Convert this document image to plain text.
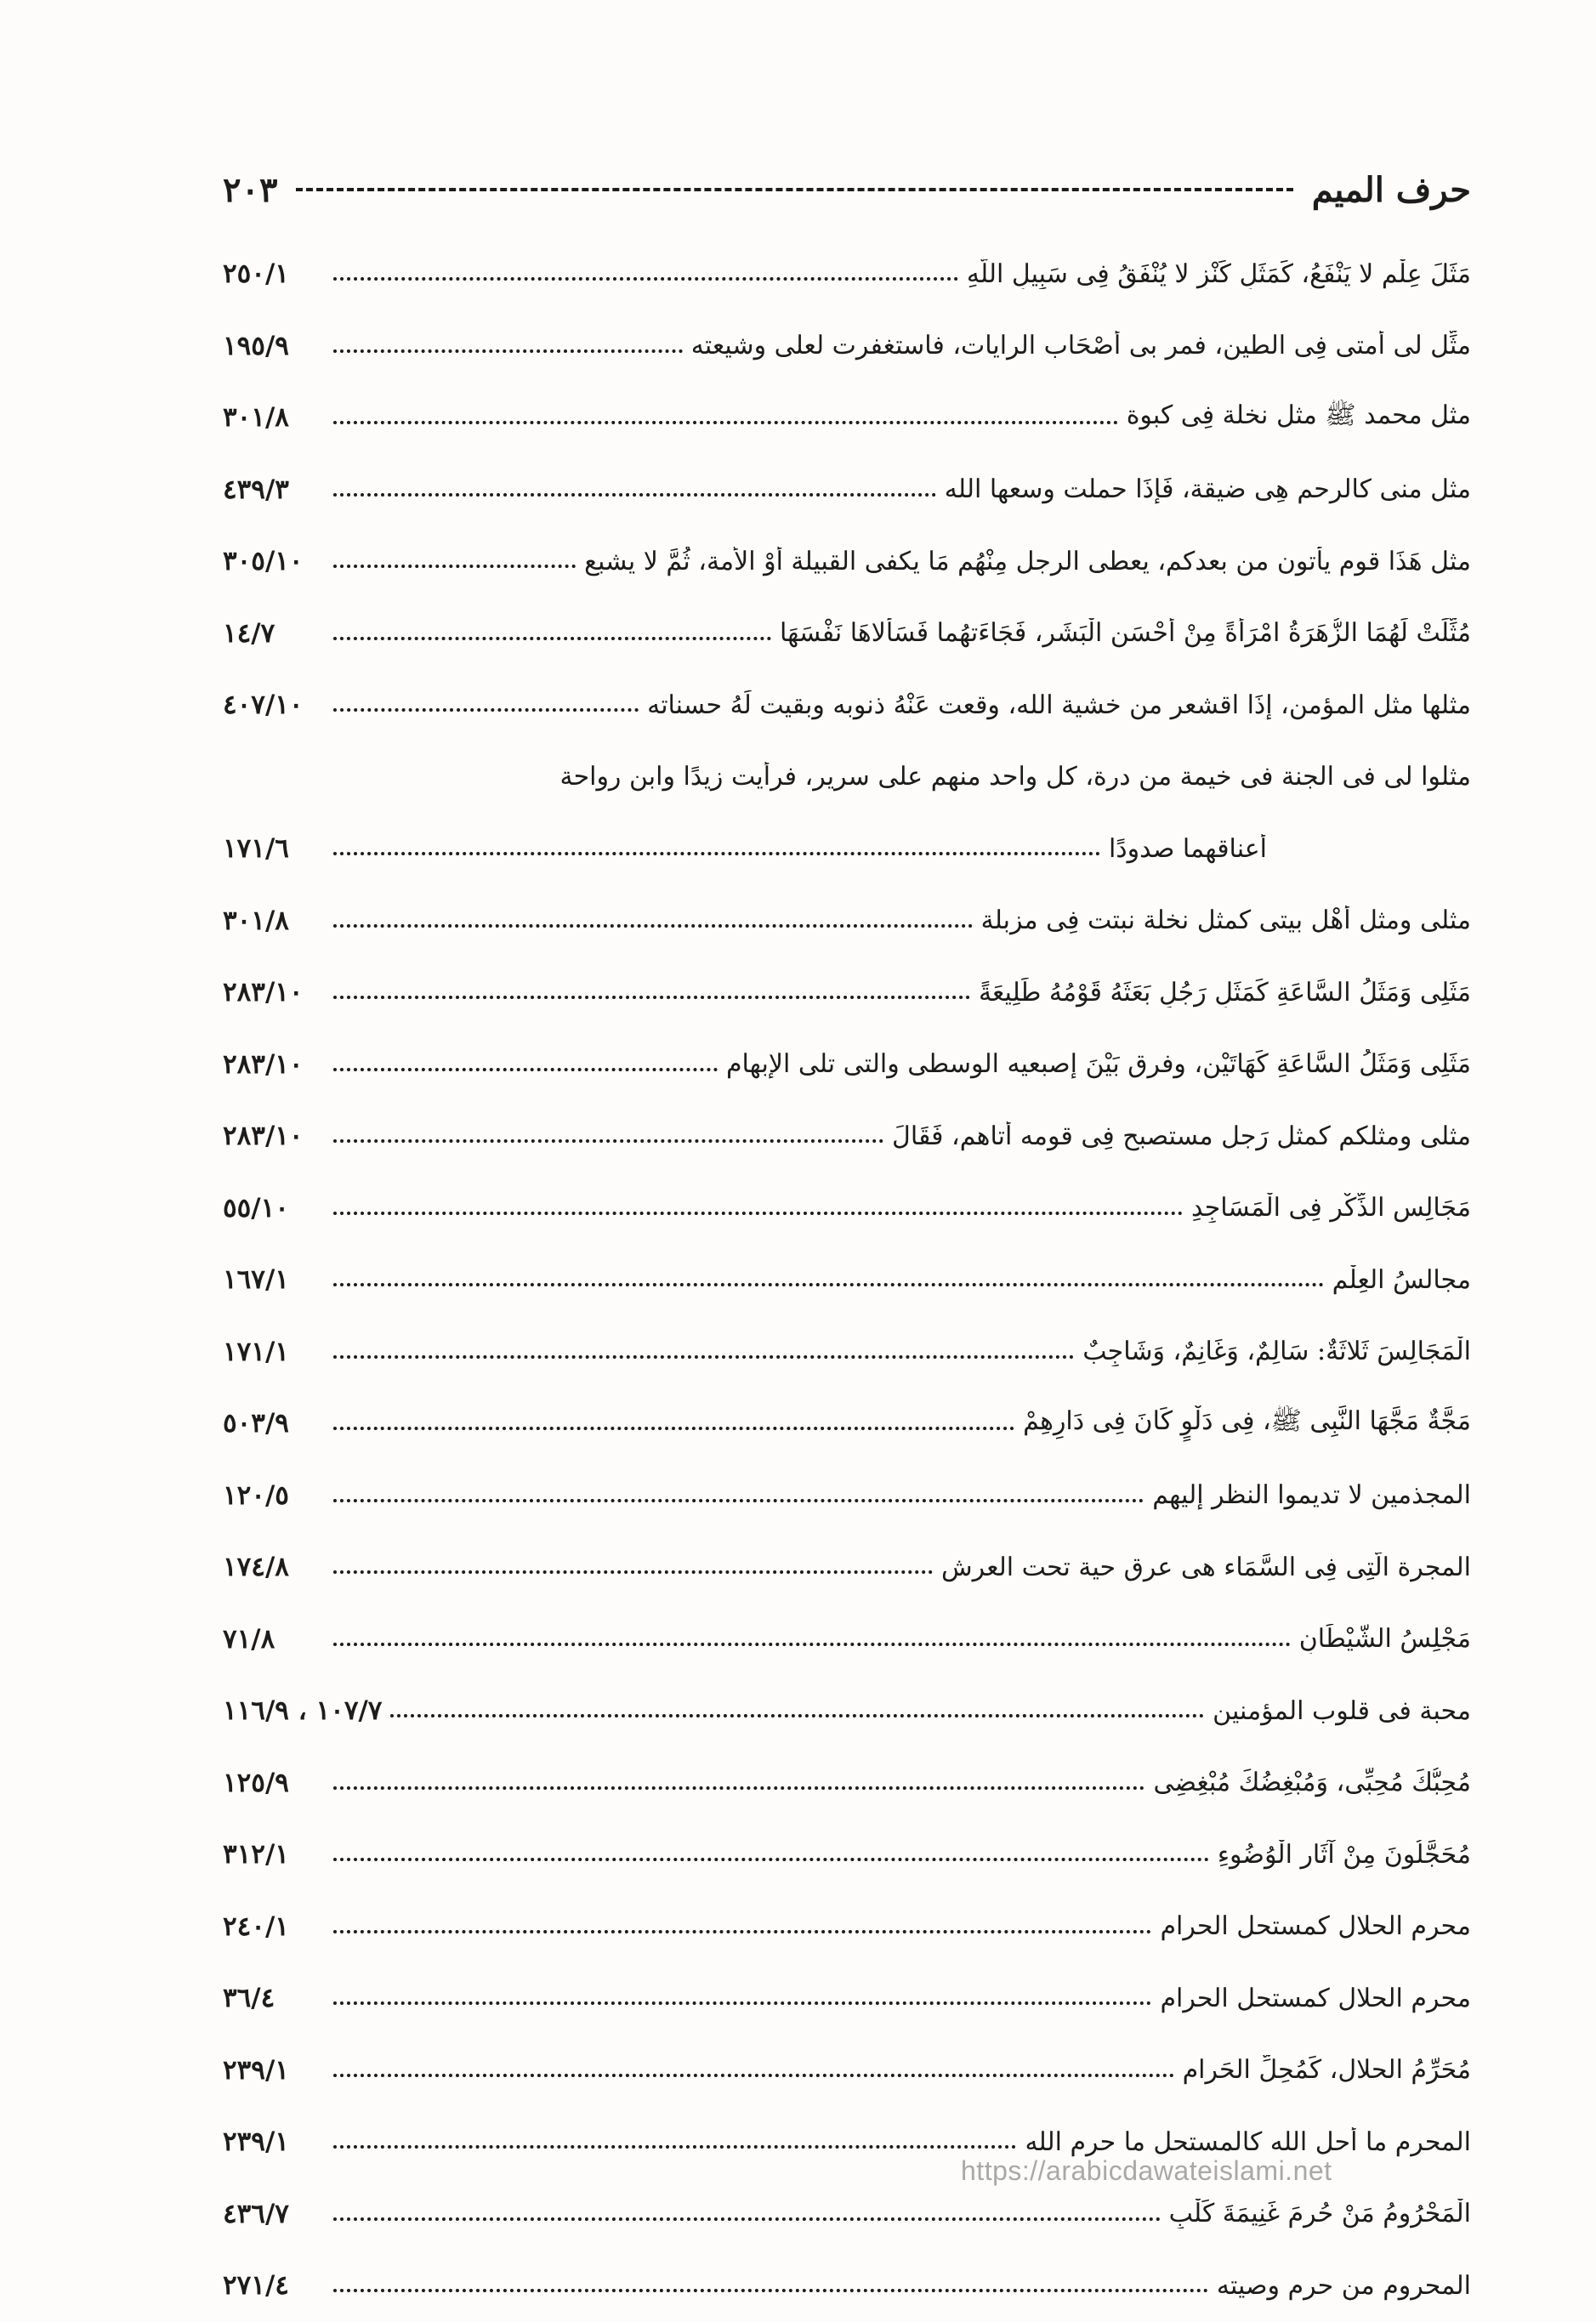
حرف الميم
٢٠٣
مَثَلَ عِلْمٍ لا يَنْفَعُ، كَمَثَلِ كَنْزٍ لا يُنْفَقُ فِى سَبِيلِ اللَّهِ
٢٥٠/١
مثِّل لى أمتى فِى الطين، فمر بى أصْحَاب الرايات، فاستغفرت لعلى وشيعته
١٩٥/٩
مثل محمد ﷺ مثل نخلة فِى كبوة
٣٠١/٨
مثل منى كالرحم هِى ضيقة، فَإِذَا حملت وسعها الله
٤٣٩/٣
مثل هَذَا قوم يأتون من بعدكم، يعطى الرجل مِنْهُم مَا يكفى القبيلة أوْ الأمة، ثُمَّ لا يشبع
٣٠٥/١٠
مُثِّلَتْ لَهُمَا الزُّهَرَةُ امْرَأَةً مِنْ أَحْسَنِ الْبَشَرِ، فَجَاءَتهُما فَسَأَلاهَا نَفْسَهَا
١٤/٧
مثلها مثل المؤمن، إِذَا اقشعر من خشية الله، وقعت عَنْهُ ذنوبه وبقيت لَهُ حسناته
٤٠٧/١٠
مثلوا لى فى الجنة فى خيمة من درة، كل واحد منهم على سرير، فرأيت زيدًا وابن رواحة
أعناقهما صدودًا
١٧١/٦
مثلى ومثل أهْل بيتى كمثل نخلة نبتت فِى مزبلة
٣٠١/٨
مَثَلِى وَمَثَلُ السَّاعَةِ كَمَثَلِ رَجُلٍ بَعَثَهُ قَوْمُهُ طَلِيعَةً
٢٨٣/١٠
مَثَلِى وَمَثَلُ السَّاعَةِ كَهَاتَيْنِ، وفرق بَيْنَ إصبعيه الوسطى والتى تلى الإبهام
٢٨٣/١٠
مثلى ومثلكم كمثل رَجل مستصبح فِى قومه أتاهم، فَقَالَ
٢٨٣/١٠
مَجَالِسِ الذِّكْرِ فِى الْمَسَاجِدِ
٥٥/١٠
مجالسُ العِلْمِ
١٦٧/١
الْمَجَالِسَ ثَلاثَةٌ: سَالِمٌ، وَغَانِمٌ، وَشَاجِبٌ
١٧١/١
مَجَّةٌ مَجَّهَا النَّبِى ﷺ، فِى دَلْوٍ كَانَ فِى دَارِهِمْ
٥٠٣/٩
المجذمين لا تديموا النظر إليهم
١٢٠/٥
المجرة الَّتِى فِى السَّمَاء هى عرق حية تحت العرش
١٧٤/٨
مَجْلِسُ الشَّيْطَانِ
٧١/٨
محبة فى قلوب المؤمنين
١٠٧/٧ ، ١١٦/٩
مُحِبُّكَ مُحِبِّى، وَمُبْغِضُكَ مُبْغِضِى
١٢٥/٩
مُحَجَّلُونَ مِنْ آثَارِ الْوُضُوءِ
٣١٢/١
محرم الحلال كمستحل الحرام
٢٤٠/١
محرم الحلال كمستحل الحرام
٣٦/٤
مُحَرِّمُ الحلال، كَمُحِلِّ الحَرامِ
٢٣٩/١
المحرم ما أحل الله كالمستحل ما حرم الله
٢٣٩/١
الْمَحْرُومُ مَنْ حُرِمَ غَنِيمَةَ كَلْبٍ
٤٣٦/٧
المحروم من حرم وصيته
٢٧١/٤
https://arabicdawateislami.net
